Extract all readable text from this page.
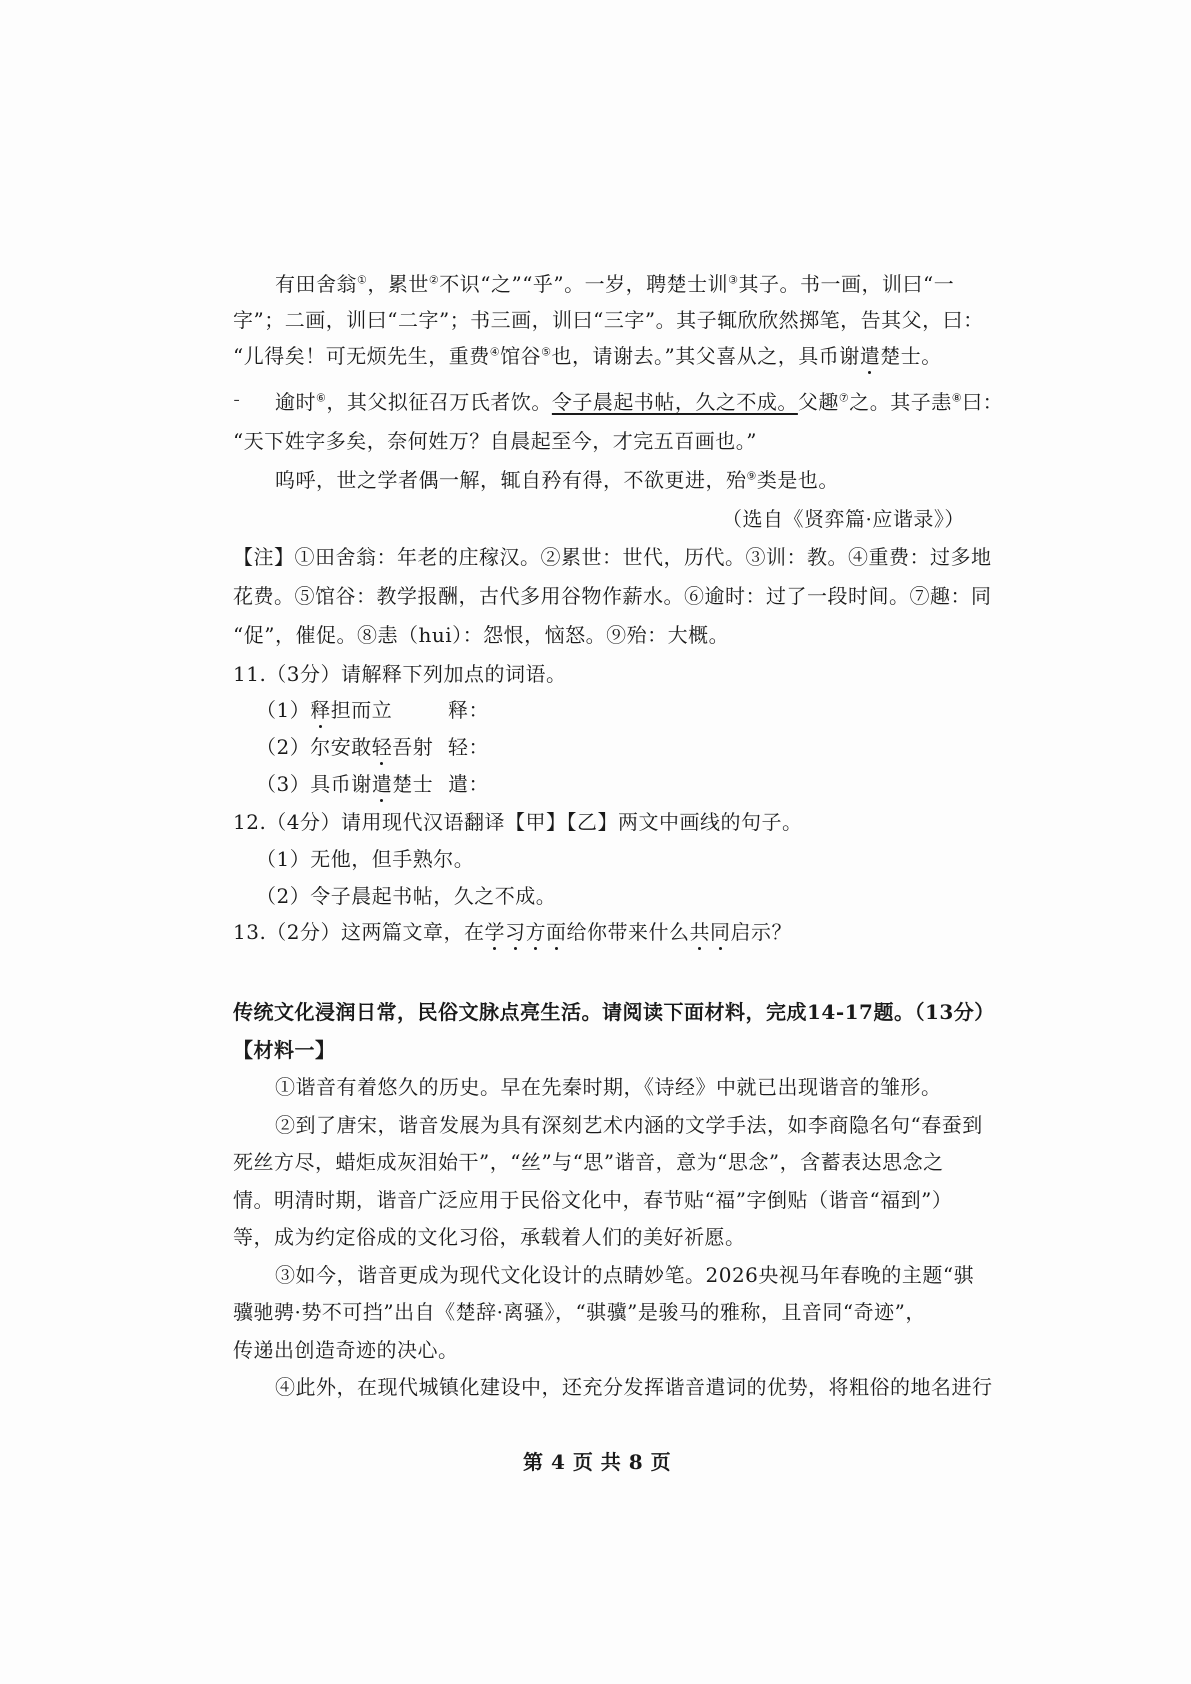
有田舍翁①，累世②不识“之”“乎”。一岁，聘楚士训③其子。书一画，训曰“一
字”；二画，训曰“二字”；书三画，训曰“三字”。其子辄欣欣然掷笔，告其父，曰：
“儿得矣！可无烦先生，重费④馆谷⑤也，请谢去。”其父喜从之，具币谢遣楚士。
ᐨ 逾时⑥，其父拟征召万氏者饮。令子晨起书帖，久之不成。父趣⑦之。其子恚⑧曰：
“天下姓字多矣，奈何姓万？自晨起至今，才完五百画也。”
呜呼，世之学者偶一解，辄自矜有得，不欲更进，殆⑨类是也。
（选自《贤弈篇·应谐录》）
【注】①田舍翁：年老的庄稼汉。②累世：世代，历代。③训：教。④重费：过多地
花费。⑤馆谷：教学报酬，古代多用谷物作薪水。⑥逾时：过了一段时间。⑦趣：同
“促”，催促。⑧恚（hui）：怨恨，恼怒。⑨殆：大概。
11.（3分）请解释下列加点的词语。
（1）释担而立	释：
（2）尔安敢轻吾射 轻：
（3）具币谢遣楚士 遣：
12.（4分）请用现代汉语翻译【甲】【乙】两文中画线的句子。
（1）无他，但手熟尔。
（2）令子晨起书帖，久之不成。
13.（2分）这两篇文章，在学习方面给你带来什么共同启示？
传统文化浸润日常，民俗文脉点亮生活。请阅读下面材料，完成14-17题。（13分）
【材料一】
①谐音有着悠久的历史。早在先秦时期，《诗经》中就已出现谐音的雏形。
②到了唐宋，谐音发展为具有深刻艺术内涵的文学手法，如李商隐名句“春蚕到
死丝方尽，蜡炬成灰泪始干”，“丝”与“思”谐音，意为“思念”，含蓄表达思念之
情。明清时期，谐音广泛应用于民俗文化中，春节贴“福”字倒贴（谐音“福到”）
等，成为约定俗成的文化习俗，承载着人们的美好祈愿。
③如今，谐音更成为现代文化设计的点睛妙笔。2026央视马年春晚的主题“骐
骥驰骋·势不可挡”出自《楚辞·离骚》，“骐骥”是骏马的雅称，且音同“奇迹”，
传递出创造奇迹的决心。
④此外，在现代城镇化建设中，还充分发挥谐音遣词的优势，将粗俗的地名进行
第 4 页 共 8 页
